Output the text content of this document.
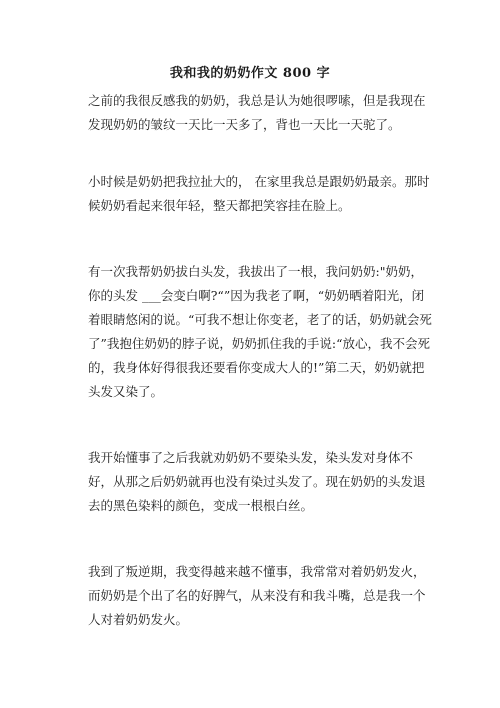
我和我的奶奶作文 800 字

之前的我很反感我的奶奶，我总是认为她很啰嗦，但是我现在发现奶奶的皱纹一天比一天多了，背也一天比一天驼了。

小时候是奶奶把我拉扯大的， 在家里我总是跟奶奶最亲。那时候奶奶看起来很年轻，整天都把笑容挂在脸上。

有一次我帮奶奶拔白头发，我拔出了一根，我问奶奶:"奶奶，你的头发 ___会变白啊?“”因为我老了啊，“奶奶晒着阳光，闭着眼睛悠闲的说。“可我不想让你变老，老了的话，奶奶就会死了”我抱住奶奶的脖子说，奶奶抓住我的手说:“放心，我不会死的，我身体好得很我还要看你变成大人的!”第二天，奶奶就把头发又染了。

我开始懂事了之后我就劝奶奶不要染头发，染头发对身体不好，从那之后奶奶就再也没有染过头发了。现在奶奶的头发退去的黑色染料的颜色，变成一根根白丝。

我到了叛逆期，我变得越来越不懂事，我常常对着奶奶发火，而奶奶是个出了名的好脾气，从来没有和我斗嘴，总是我一个人对着奶奶发火。
